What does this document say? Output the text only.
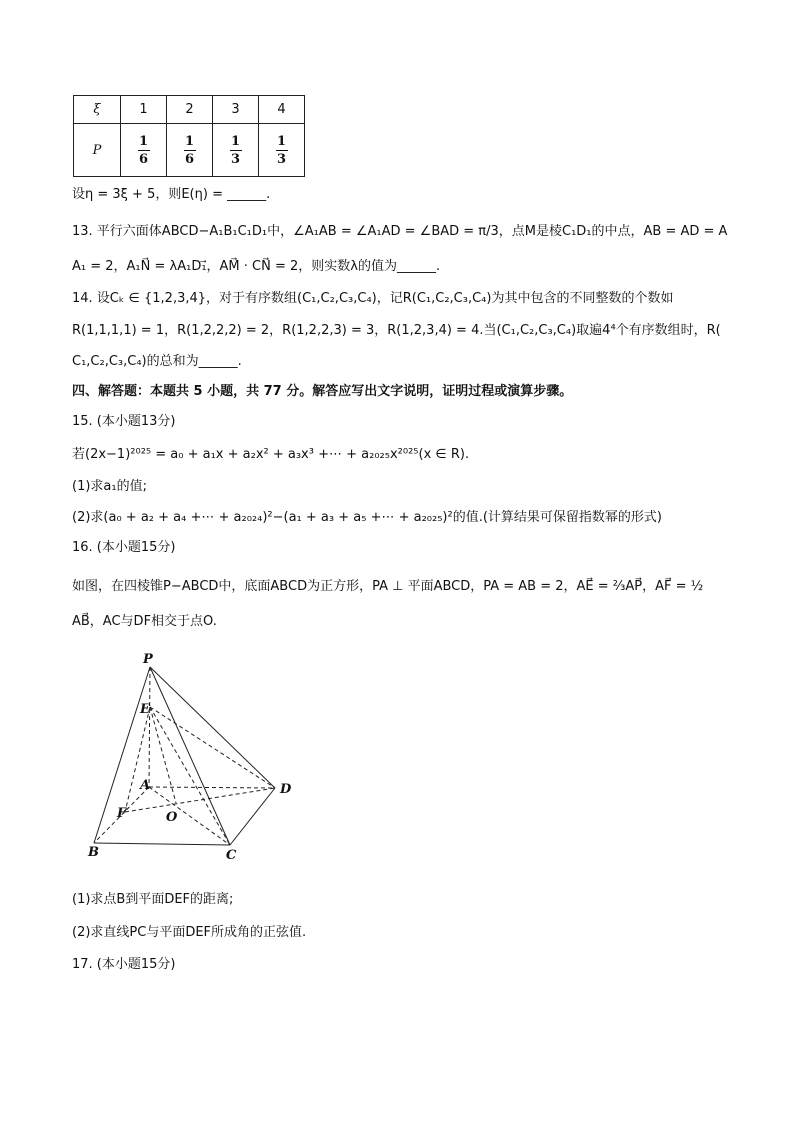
ξ	1	2	3	4
P	$\frac{1}{6}$	$\frac{1}{6}$	$\frac{1}{3}$	$\frac{1}{3}$
设η = 3ξ + 5，则E(η) = ______.
13. 平行六面体ABCD−A₁B₁C₁D₁中，∠A₁AB = ∠A₁AD = ∠BAD = π/3，点M是棱C₁D₁的中点，AB = AD = A
A₁ = 2，A₁N⃗ = λA₁D₁⃗，AM⃗ · CN⃗ = 2，则实数λ的值为______.
14. 设Cₖ ∈ {1,2,3,4}，对于有序数组(C₁,C₂,C₃,C₄)，记R(C₁,C₂,C₃,C₄)为其中包含的不同整数的个数如
R(1,1,1,1) = 1，R(1,2,2,2) = 2，R(1,2,2,3) = 3，R(1,2,3,4) = 4.当(C₁,C₂,C₃,C₄)取遍4⁴个有序数组时，R(
C₁,C₂,C₃,C₄)的总和为______.
四、解答题：本题共 5 小题，共 77 分。解答应写出文字说明，证明过程或演算步骤。
15. (本小题13分)
若(2x−1)²⁰²⁵ = a₀ + a₁x + a₂x² + a₃x³ +⋯ + a₂₀₂₅x²⁰²⁵(x ∈ R).
(1)求a₁的值;
(2)求(a₀ + a₂ + a₄ +⋯ + a₂₀₂₄)²−(a₁ + a₃ + a₅ +⋯ + a₂₀₂₅)²的值.(计算结果可保留指数幂的形式)
16. (本小题15分)
如图，在四棱锥P−ABCD中，底面ABCD为正方形，PA ⊥ 平面ABCD，PA = AB = 2，AE⃗ = ⅔AP⃗，AF⃗ = ½
AB⃗，AC与DF相交于点O.
P
E
A
F	O
D
B	C
(1)求点B到平面DEF的距离;
(2)求直线PC与平面DEF所成角的正弦值.
17. (本小题15分)
